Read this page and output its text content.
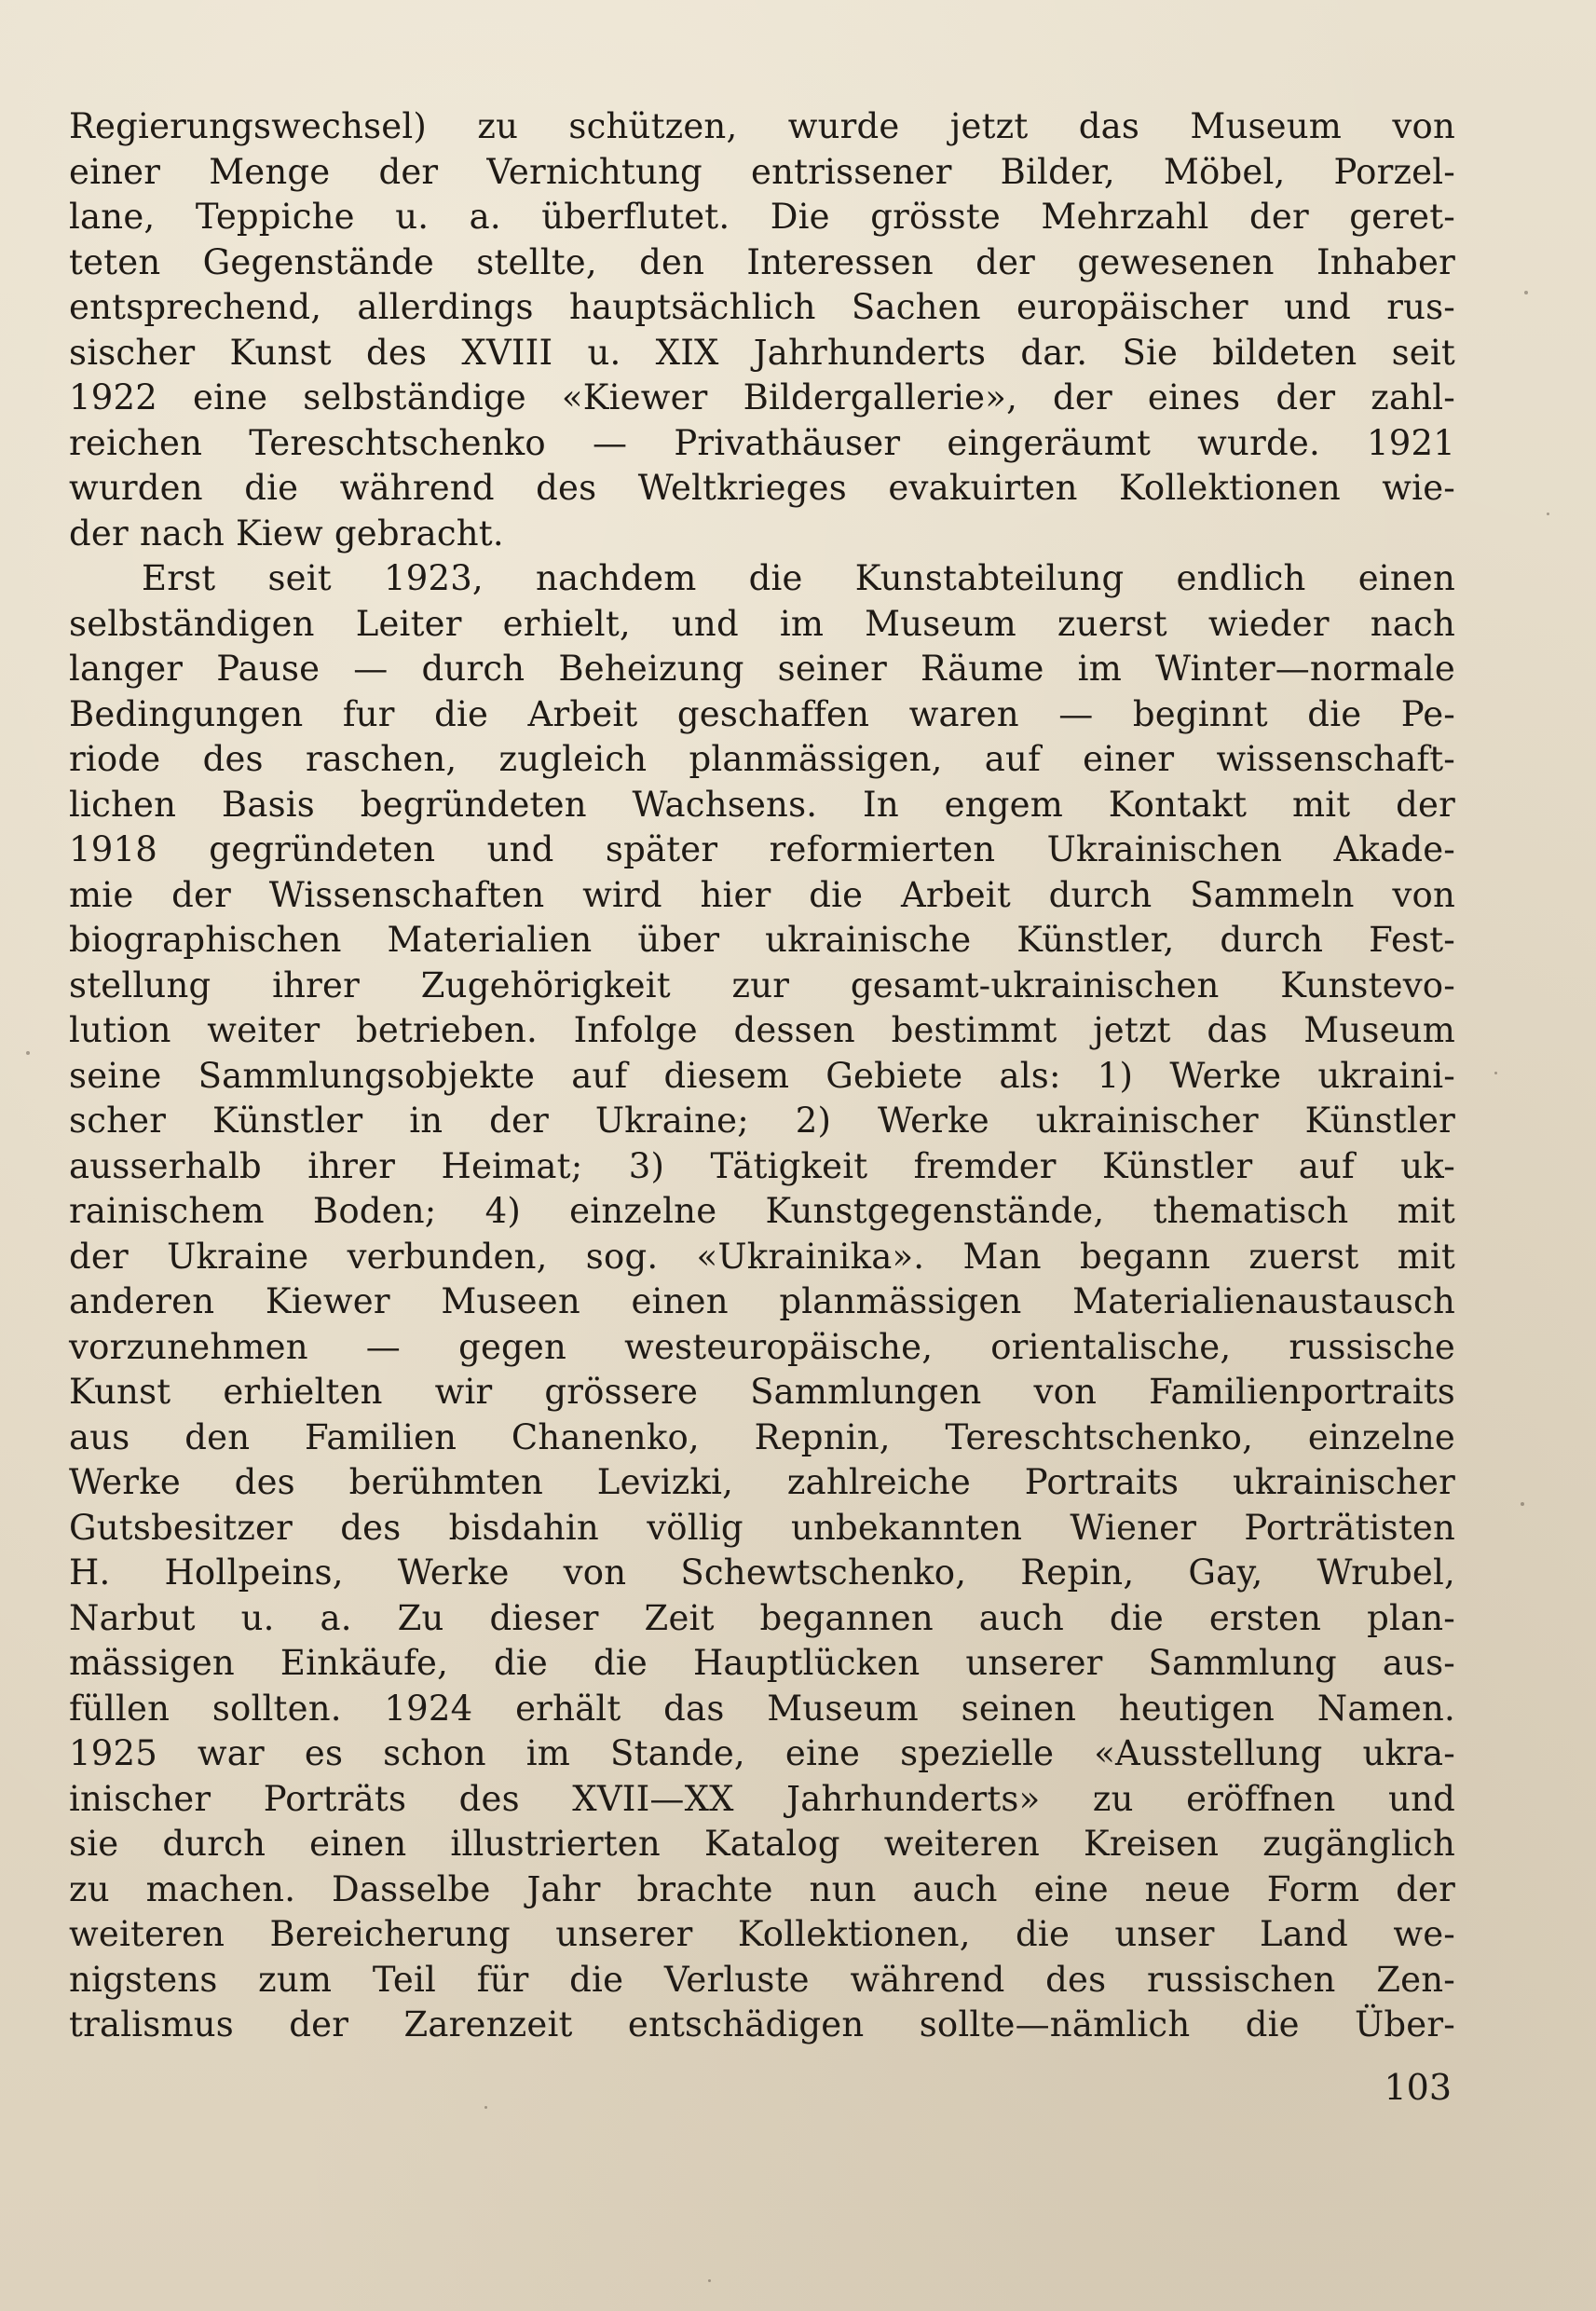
Regierungswechsel) zu schützen, wurde jetzt das Museum von
einer Menge der Vernichtung entrissener Bilder, Möbel, Porzel-
lane, Teppiche u. a. überflutet. Die grösste Mehrzahl der geret-
teten Gegenstände stellte, den Interessen der gewesenen Inhaber
entsprechend, allerdings hauptsächlich Sachen europäischer und rus-
sischer Kunst des XVIII u. XIX Jahrhunderts dar. Sie bildeten seit
1922 eine selbständige «Kiewer Bildergallerie», der eines der zahl-
reichen Tereschtschenko — Privathäuser eingeräumt wurde. 1921
wurden die während des Weltkrieges evakuirten Kollektionen wie-
der nach Kiew gebracht.
Erst seit 1923, nachdem die Kunstabteilung endlich einen
selbständigen Leiter erhielt, und im Museum zuerst wieder nach
langer Pause — durch Beheizung seiner Räume im Winter—normale
Bedingungen fur die Arbeit geschaffen waren — beginnt die Pe-
riode des raschen, zugleich planmässigen, auf einer wissenschaft-
lichen Basis begründeten Wachsens. In engem Kontakt mit der
1918 gegründeten und später reformierten Ukrainischen Akade-
mie der Wissenschaften wird hier die Arbeit durch Sammeln von
biographischen Materialien über ukrainische Künstler, durch Fest-
stellung ihrer Zugehörigkeit zur gesamt-ukrainischen Kunstevo-
lution weiter betrieben. Infolge dessen bestimmt jetzt das Museum
seine Sammlungsobjekte auf diesem Gebiete als: 1) Werke ukraini-
scher Künstler in der Ukraine; 2) Werke ukrainischer Künstler
ausserhalb ihrer Heimat; 3) Tätigkeit fremder Künstler auf uk-
rainischem Boden; 4) einzelne Kunstgegenstände, thematisch mit
der Ukraine verbunden, sog. «Ukrainika». Man begann zuerst mit
anderen Kiewer Museen einen planmässigen Materialienaustausch
vorzunehmen — gegen westeuropäische, orientalische, russische
Kunst erhielten wir grössere Sammlungen von Familienportraits
aus den Familien Chanenko, Repnin, Tereschtschenko, einzelne
Werke des berühmten Levizki, zahlreiche Portraits ukrainischer
Gutsbesitzer des bisdahin völlig unbekannten Wiener Porträtisten
H. Hollpeins, Werke von Schewtschenko, Repin, Gay, Wrubel,
Narbut u. a. Zu dieser Zeit begannen auch die ersten plan-
mässigen Einkäufe, die die Hauptlücken unserer Sammlung aus-
füllen sollten. 1924 erhält das Museum seinen heutigen Namen.
1925 war es schon im Stande, eine spezielle «Ausstellung ukra-
inischer Porträts des XVII—XX Jahrhunderts» zu eröffnen und
sie durch einen illustrierten Katalog weiteren Kreisen zugänglich
zu machen. Dasselbe Jahr brachte nun auch eine neue Form der
weiteren Bereicherung unserer Kollektionen, die unser Land we-
nigstens zum Teil für die Verluste während des russischen Zen-
tralismus der Zarenzeit entschädigen sollte—nämlich die Über-
103
